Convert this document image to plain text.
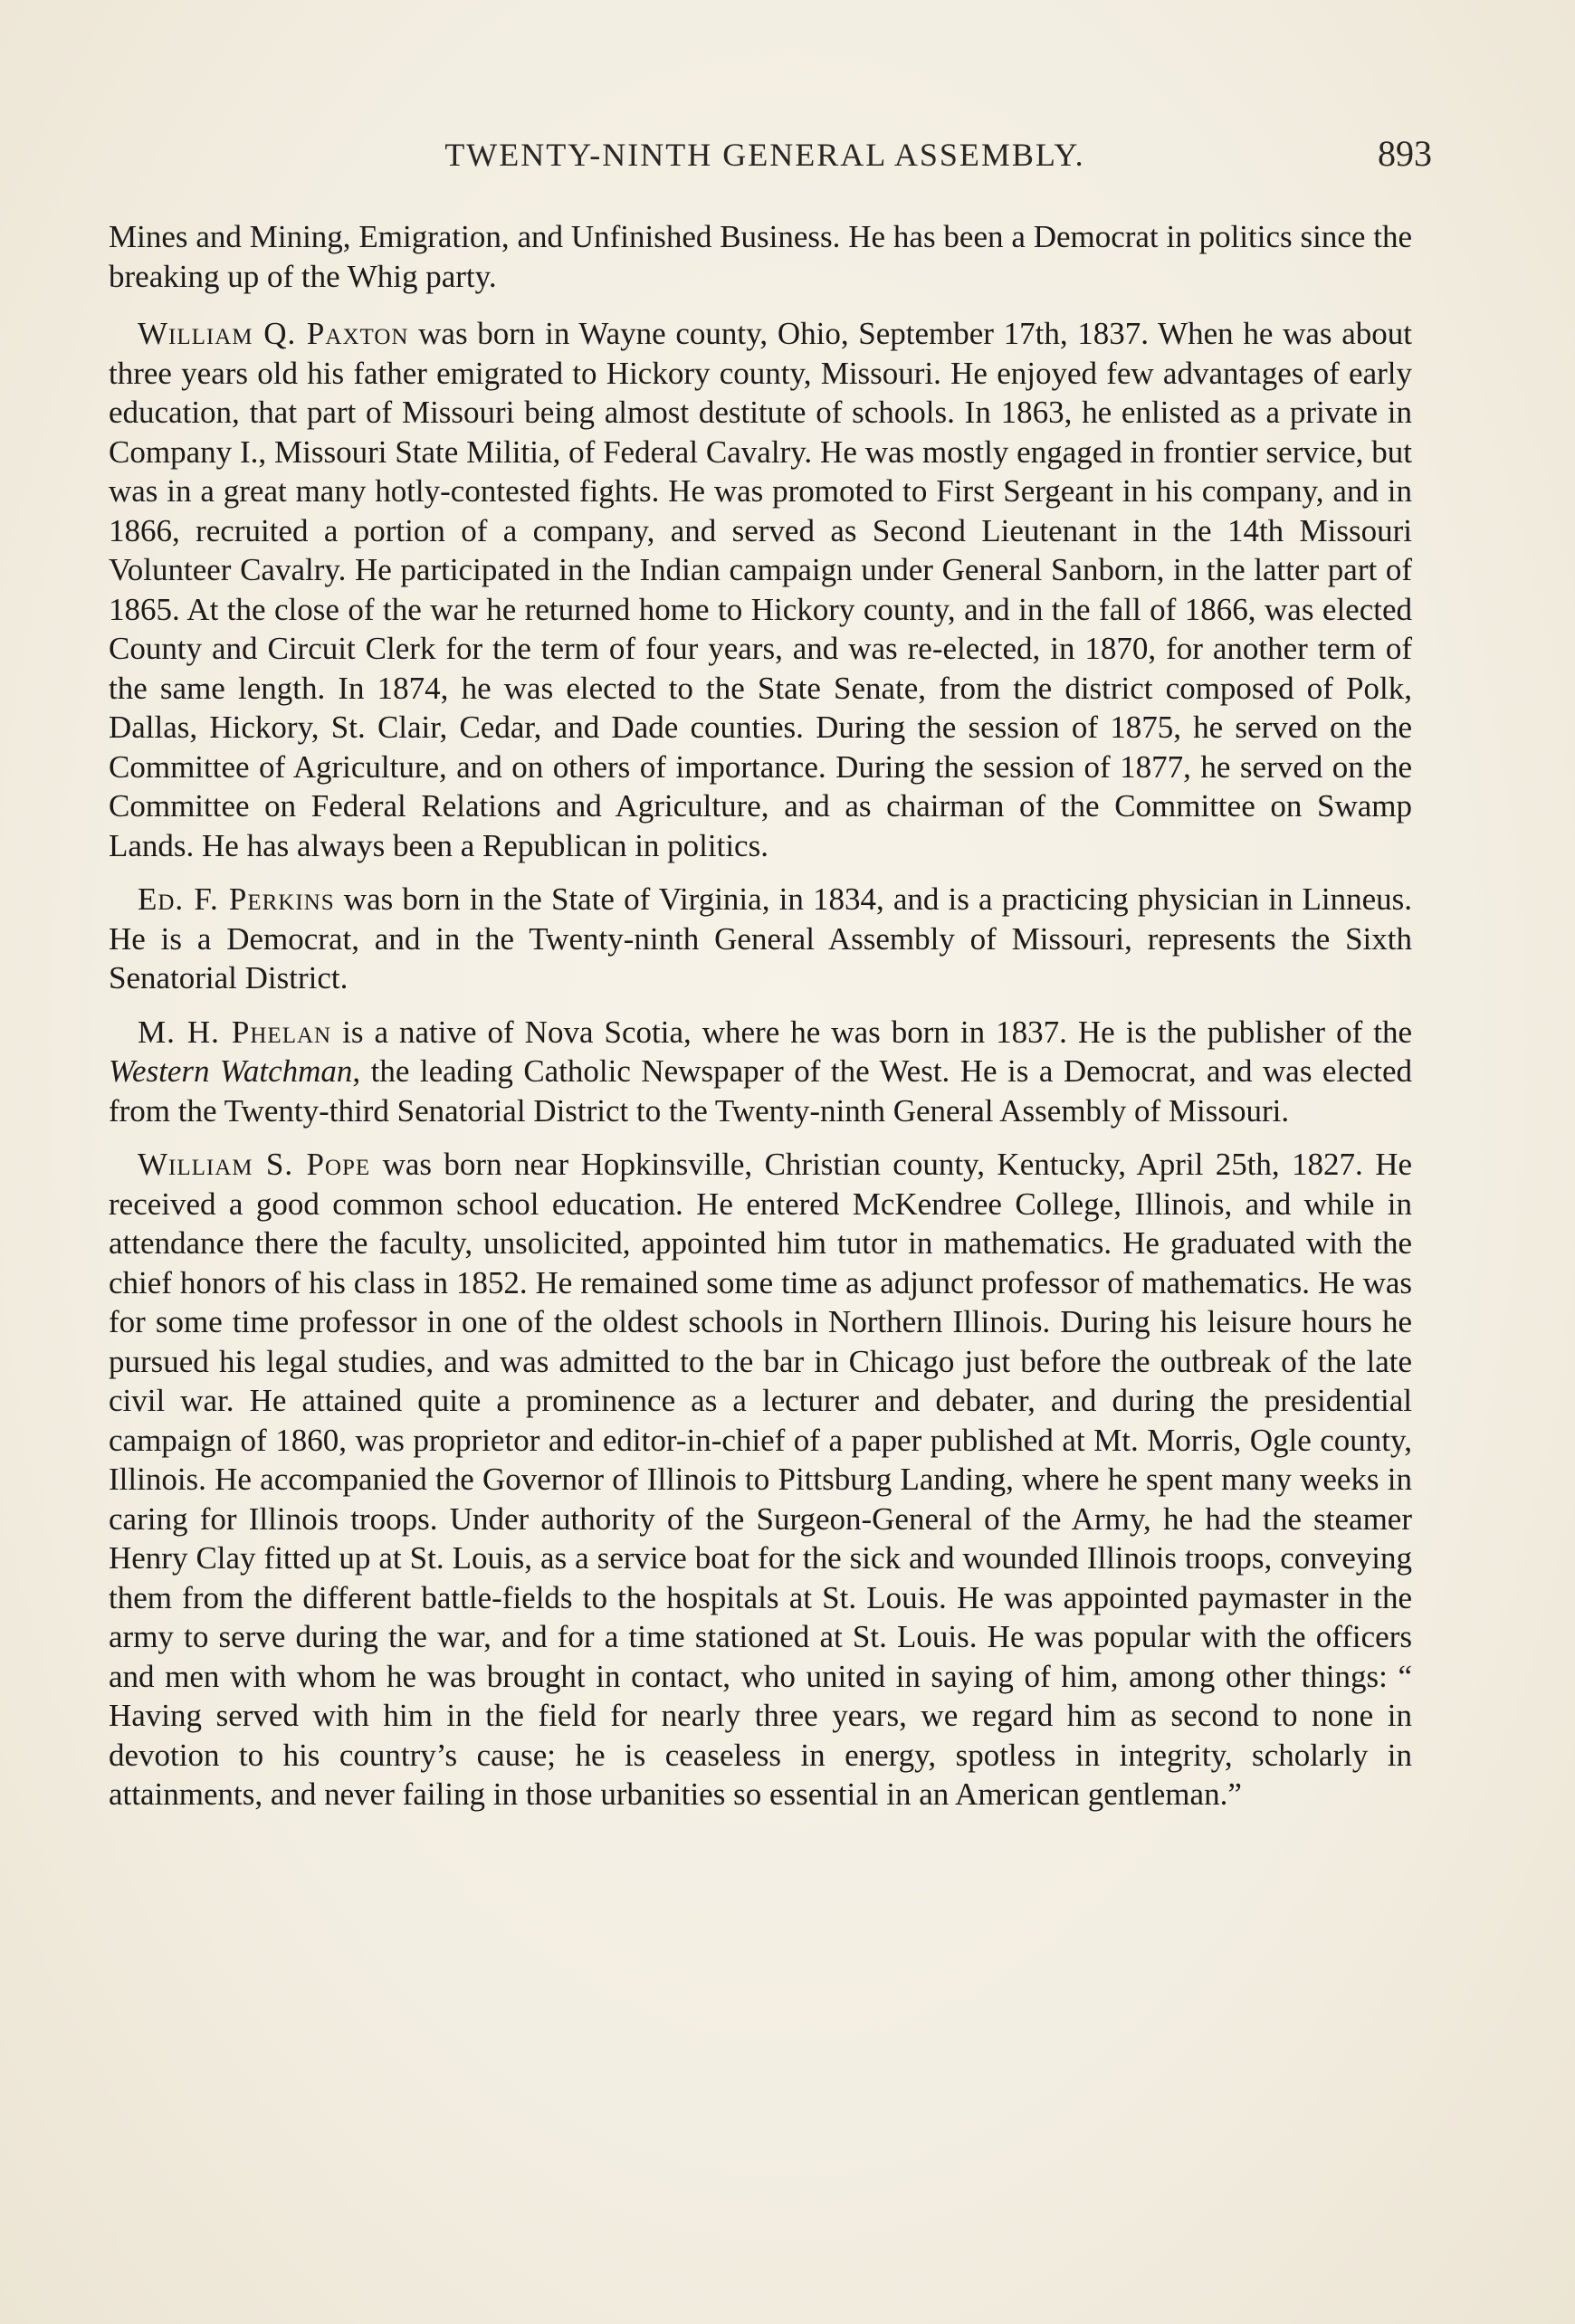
TWENTY-NINTH GENERAL ASSEMBLY.	893

Mines and Mining, Emigration, and Unfinished Business. He has been a Democrat in politics since the breaking up of the Whig party.

William Q. Paxton was born in Wayne county, Ohio, September 17th, 1837. When he was about three years old his father emigrated to Hickory county, Missouri. He enjoyed few advantages of early education, that part of Missouri being almost destitute of schools. In 1863, he enlisted as a private in Company I., Missouri State Militia, of Federal Cavalry. He was mostly engaged in frontier service, but was in a great many hotly-contested fights. He was promoted to First Sergeant in his company, and in 1866, recruited a portion of a company, and served as Second Lieutenant in the 14th Missouri Volunteer Cavalry. He participated in the Indian campaign under General Sanborn, in the latter part of 1865. At the close of the war he returned home to Hickory county, and in the fall of 1866, was elected County and Circuit Clerk for the term of four years, and was re-elected, in 1870, for another term of the same length. In 1874, he was elected to the State Senate, from the district composed of Polk, Dallas, Hickory, St. Clair, Cedar, and Dade counties. During the session of 1875, he served on the Committee of Agriculture, and on others of importance. During the session of 1877, he served on the Committee on Federal Relations and Agriculture, and as chairman of the Committee on Swamp Lands. He has always been a Republican in politics.

Ed. F. Perkins was born in the State of Virginia, in 1834, and is a practicing physician in Linneus. He is a Democrat, and in the Twenty-ninth General Assembly of Missouri, represents the Sixth Senatorial District.

M. H. Phelan is a native of Nova Scotia, where he was born in 1837. He is the publisher of the Western Watchman, the leading Catholic Newspaper of the West. He is a Democrat, and was elected from the Twenty-third Senatorial District to the Twenty-ninth General Assembly of Missouri.

William S. Pope was born near Hopkinsville, Christian county, Kentucky, April 25th, 1827. He received a good common school education. He entered McKendree College, Illinois, and while in attendance there the faculty, unsolicited, appointed him tutor in mathematics. He graduated with the chief honors of his class in 1852. He remained some time as adjunct professor of mathematics. He was for some time professor in one of the oldest schools in Northern Illinois. During his leisure hours he pursued his legal studies, and was admitted to the bar in Chicago just before the outbreak of the late civil war. He attained quite a prominence as a lecturer and debater, and during the presidential campaign of 1860, was proprietor and editor-in-chief of a paper published at Mt. Morris, Ogle county, Illinois. He accompanied the Governor of Illinois to Pittsburg Landing, where he spent many weeks in caring for Illinois troops. Under authority of the Surgeon-General of the Army, he had the steamer Henry Clay fitted up at St. Louis, as a service boat for the sick and wounded Illinois troops, conveying them from the different battle-fields to the hospitals at St. Louis. He was appointed paymaster in the army to serve during the war, and for a time stationed at St. Louis. He was popular with the officers and men with whom he was brought in contact, who united in saying of him, among other things: “ Having served with him in the field for nearly three years, we regard him as second to none in devotion to his country’s cause; he is ceaseless in energy, spotless in integrity, scholarly in attainments, and never failing in those urbanities so essential in an American gentleman.”
